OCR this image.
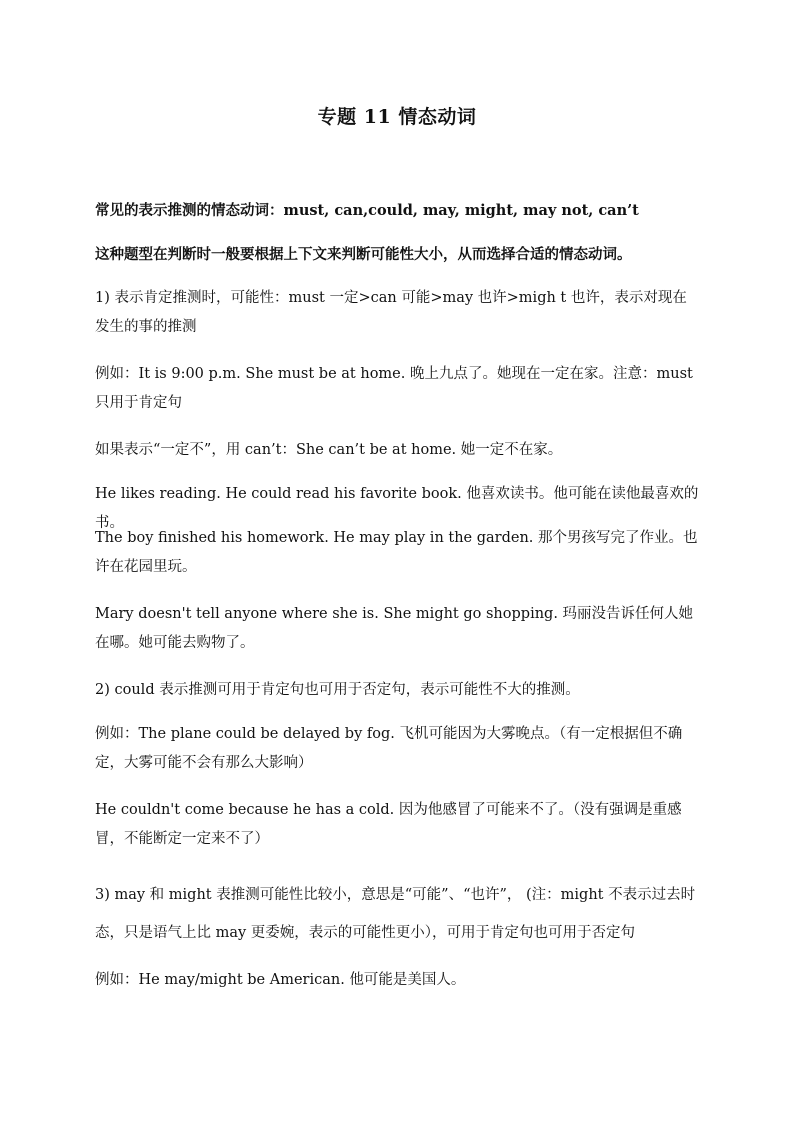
专题 11 情态动词
常见的表示推测的情态动词：must, can,could, may, might, may not, can’t
这种题型在判断时一般要根据上下文来判断可能性大小，从而选择合适的情态动词。
1) 表示肯定推测时，可能性：must 一定>can 可能>may 也许>migh t 也许，表示对现在发生的事的推测
例如：It is 9:00 p.m. She must be at home. 晚上九点了。她现在一定在家。注意：must 只用于肯定句
如果表示“一定不”，用 can’t：She can’t be at home. 她一定不在家。
He likes reading. He could read his favorite book. 他喜欢读书。他可能在读他最喜欢的书。
The boy finished his homework. He may play in the garden. 那个男孩写完了作业。也许在花园里玩。
Mary doesn't tell anyone where she is. She might go shopping. 玛丽没告诉任何人她在哪。她可能去购物了。
2) could 表示推测可用于肯定句也可用于否定句，表示可能性不大的推测。
例如：The plane could be delayed by fog. 飞机可能因为大雾晚点。（有一定根据但不确定，大雾可能不会有那么大影响）
He couldn't come because he has a cold. 因为他感冒了可能来不了。（没有强调是重感冒，不能断定一定来不了）
3) may 和 might 表推测可能性比较小，意思是“可能”、“也许”， (注：might 不表示过去时态，只是语气上比 may 更委婉，表示的可能性更小），可用于肯定句也可用于否定句
例如：He may/might be American. 他可能是美国人。
